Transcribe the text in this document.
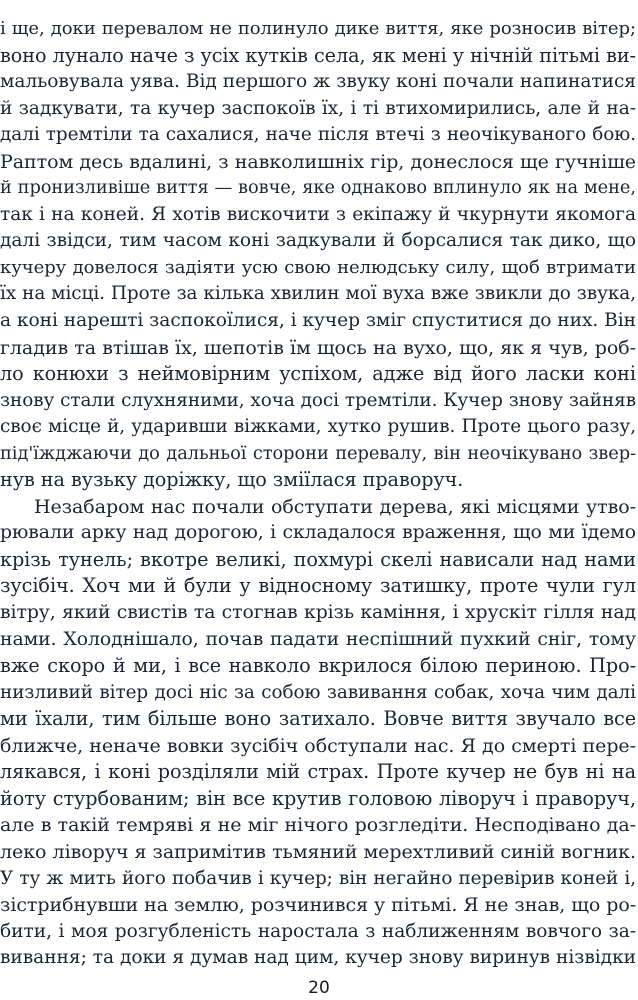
і ще, доки перевалом не полинуло дике виття, яке розносив вітер;
воно лунало наче з усіх кутків села, як мені у нічній пітьмі ви-
мальовувала уява. Від першого ж звуку коні почали напинатися
й задкувати, та кучер заспокоїв їх, і ті втихомирились, але й на-
далі тремтіли та сахалися, наче після втечі з неочікуваного бою.
Раптом десь вдалині, з навколишніх гір, донеслося ще гучніше
й пронизливіше виття — вовче, яке однаково вплинуло як на мене,
так і на коней. Я хотів вискочити з екіпажу й чкурнути якомога
далі звідси, тим часом коні задкували й борсалися так дико, що
кучеру довелося задіяти усю свою нелюдську силу, щоб втримати
їх на місці. Проте за кілька хвилин мої вуха вже звикли до звука,
а коні нарешті заспокоїлися, і кучер зміг спуститися до них. Він
гладив та втішав їх, шепотів їм щось на вухо, що, як я чув, роб-
ло конюхи з неймовірним успіхом, адже від його ласки коні
знову стали слухняними, хоча досі тремтіли. Кучер знову зайняв
своє місце й, ударивши віжками, хутко рушив. Проте цього разу,
під'їжджаючи до дальньої сторони перевалу, він неочікувано звер-
нув на вузьку доріжку, що зміїлася праворуч.
Незабаром нас почали обступати дерева, які місцями утво-
рювали арку над дорогою, і складалося враження, що ми їдемо
крізь тунель; вкотре великі, похмурі скелі нависали над нами
зусібіч. Хоч ми й були у відносному затишку, проте чули гул
вітру, який свистів та стогнав крізь каміння, і хрускіт гілля над
нами. Холоднішало, почав падати неспішний пухкий сніг, тому
вже скоро й ми, і все навколо вкрилося білою периною. Про-
низливий вітер досі ніс за собою завивання собак, хоча чим далі
ми їхали, тим більше воно затихало. Вовче виття звучало все
ближче, неначе вовки зусібіч обступали нас. Я до смерті пере-
лякався, і коні розділяли мій страх. Проте кучер не був ні на
йоту стурбованим; він все крутив головою ліворуч і праворуч,
але в такій темряві я не міг нічого розгледіти. Несподівано да-
леко ліворуч я запримітив тьмяний мерехтливий синій вогник.
У ту ж мить його побачив і кучер; він негайно перевірив коней і,
зістрибнувши на землю, розчинився у пітьмі. Я не знав, що ро-
бити, і моя розгубленість наростала з наближенням вовчого за-
вивання; та доки я думав над цим, кучер знову виринув нізвідки
20
